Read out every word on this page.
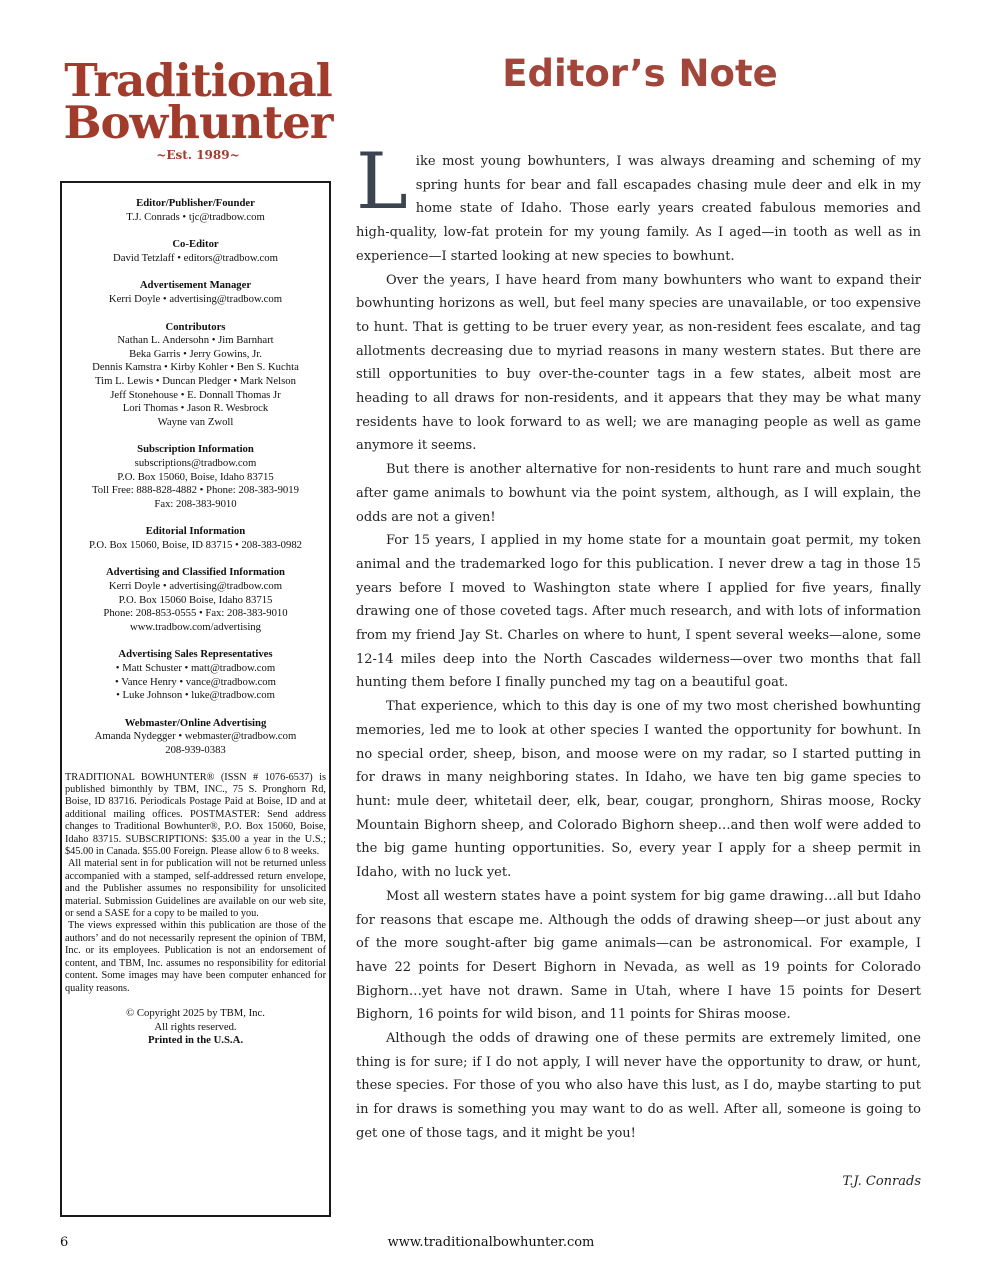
Traditional
Bowhunter
~Est. 1989~
Editor’s Note
Editor/Publisher/Founder
T.J. Conrads • tjc@tradbow.com
Co-Editor
David Tetzlaff • editors@tradbow.com
Advertisement Manager
Kerri Doyle • advertising@tradbow.com
Contributors
Nathan L. Andersohn • Jim Barnhart
Beka Garris • Jerry Gowins, Jr.
Dennis Kamstra • Kirby Kohler • Ben S. Kuchta
Tim L. Lewis • Duncan Pledger • Mark Nelson
Jeff Stonehouse • E. Donnall Thomas Jr
Lori Thomas • Jason R. Wesbrock
Wayne van Zwoll
Subscription Information
subscriptions@tradbow.com
P.O. Box 15060, Boise, Idaho 83715
Toll Free: 888-828-4882 • Phone: 208-383-9019
Fax: 208-383-9010
Editorial Information
P.O. Box 15060, Boise, ID 83715 • 208-383-0982
Advertising and Classified Information
Kerri Doyle • advertising@tradbow.com
P.O. Box 15060 Boise, Idaho 83715
Phone: 208-853-0555 • Fax: 208-383-9010
www.tradbow.com/advertising
Advertising Sales Representatives
• Matt Schuster • matt@tradbow.com
• Vance Henry • vance@tradbow.com
• Luke Johnson • luke@tradbow.com
Webmaster/Online Advertising
Amanda Nydegger • webmaster@tradbow.com
208-939-0383

TRADITIONAL BOWHUNTER® (ISSN # 1076-6537) is published bimonthly by TBM, INC., 75 S. Pronghorn Rd, Boise, ID 83716. Periodicals Postage Paid at Boise, ID and at additional mailing offices. POSTMASTER: Send address changes to Traditional Bowhunter®, P.O. Box 15060, Boise, Idaho 83715. SUBSCRIPTIONS: $35.00 a year in the U.S.; $45.00 in Canada. $55.00 Foreign. Please allow 6 to 8 weeks.

All material sent in for publication will not be returned unless accompanied with a stamped, self-addressed return envelope, and the Publisher assumes no responsibility for unsolicited material. Submission Guidelines are available on our web site, or send a SASE for a copy to be mailed to you.

The views expressed within this publication are those of the authors’ and do not necessarily represent the opinion of TBM, Inc. or its employees. Publication is not an endorsement of content, and TBM, Inc. assumes no responsibility for editorial content. Some images may have been computer enhanced for quality reasons.

© Copyright 2025 by TBM, Inc.
All rights reserved.
Printed in the U.S.A.

Like most young bowhunters, I was always dreaming and scheming of my spring hunts for bear and fall escapades chasing mule deer and elk in my home state of Idaho. Those early years created fabulous memories and high-quality, low-fat protein for my young family. As I aged—in tooth as well as in experience—I started looking at new species to bowhunt.

Over the years, I have heard from many bowhunters who want to expand their bowhunting horizons as well, but feel many species are unavailable, or too expensive to hunt. That is getting to be truer every year, as non-resident fees escalate, and tag allotments decreasing due to myriad reasons in many western states. But there are still opportunities to buy over-the-counter tags in a few states, albeit most are heading to all draws for non-residents, and it appears that they may be what many residents have to look forward to as well; we are managing people as well as game anymore it seems.

But there is another alternative for non-residents to hunt rare and much sought after game animals to bowhunt via the point system, although, as I will explain, the odds are not a given!

For 15 years, I applied in my home state for a mountain goat permit, my token animal and the trademarked logo for this publication. I never drew a tag in those 15 years before I moved to Washington state where I applied for five years, finally drawing one of those coveted tags. After much research, and with lots of information from my friend Jay St. Charles on where to hunt, I spent several weeks—alone, some 12-14 miles deep into the North Cascades wilderness—over two months that fall hunting them before I finally punched my tag on a beautiful goat.

That experience, which to this day is one of my two most cherished bowhunting memories, led me to look at other species I wanted the opportunity for bowhunt. In no special order, sheep, bison, and moose were on my radar, so I started putting in for draws in many neighboring states. In Idaho, we have ten big game species to hunt: mule deer, whitetail deer, elk, bear, cougar, pronghorn, Shiras moose, Rocky Mountain Bighorn sheep, and Colorado Bighorn sheep…and then wolf were added to the big game hunting opportunities. So, every year I apply for a sheep permit in Idaho, with no luck yet.

Most all western states have a point system for big game drawing…all but Idaho for reasons that escape me. Although the odds of drawing sheep—or just about any of the more sought-after big game animals—can be astronomical. For example, I have 22 points for Desert Bighorn in Nevada, as well as 19 points for Colorado Bighorn…yet have not drawn. Same in Utah, where I have 15 points for Desert Bighorn, 16 points for wild bison, and 11 points for Shiras moose.

Although the odds of drawing one of these permits are extremely limited, one thing is for sure; if I do not apply, I will never have the opportunity to draw, or hunt, these species. For those of you who also have this lust, as I do, maybe starting to put in for draws is something you may want to do as well. After all, someone is going to get one of those tags, and it might be you!

T.J. Conrads
6	www.traditionalbowhunter.com
